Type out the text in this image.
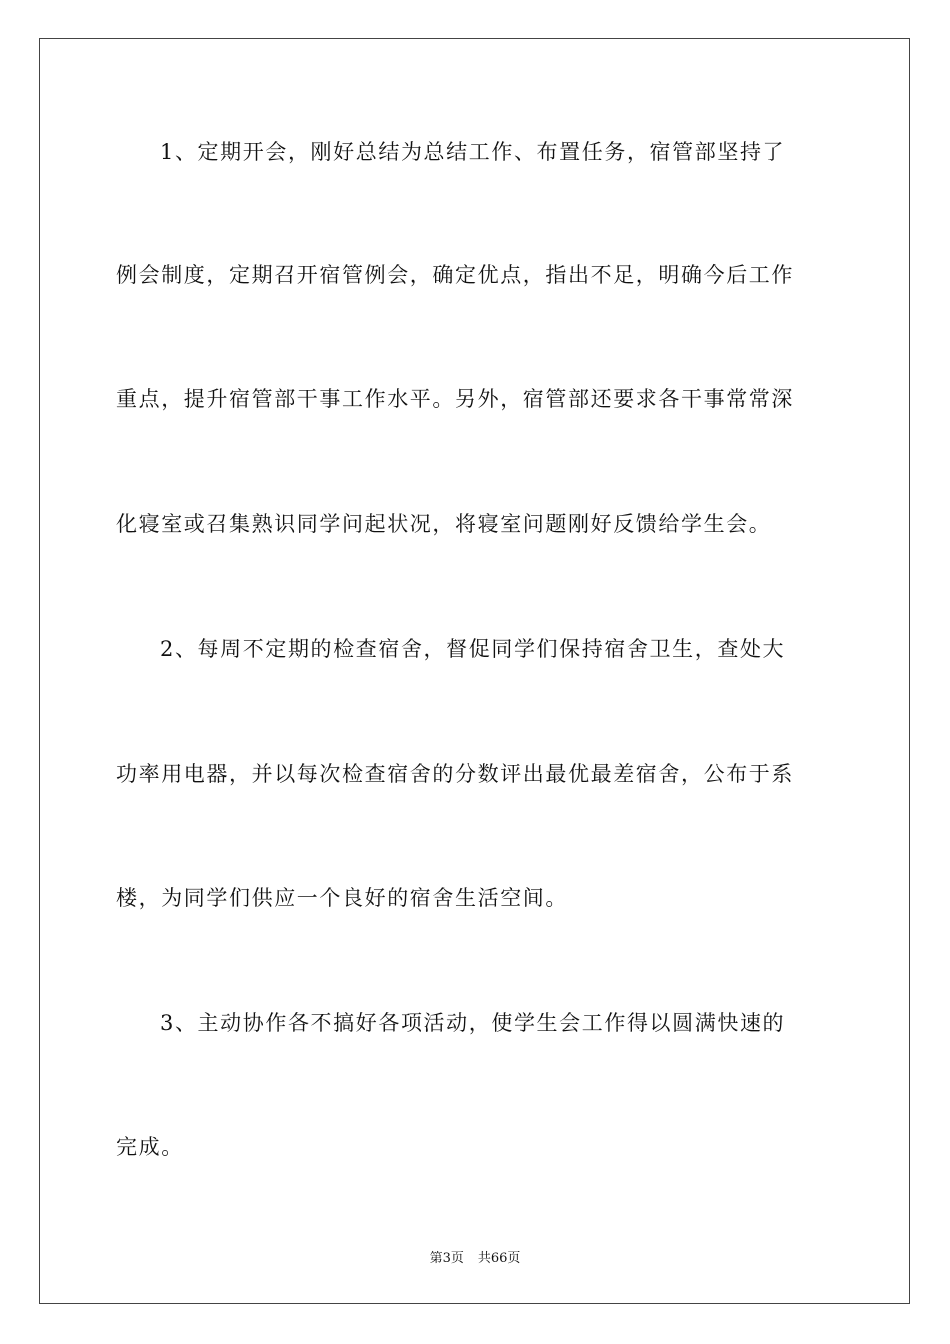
1、定期开会，刚好总结为总结工作、布置任务，宿管部坚持了
例会制度，定期召开宿管例会，确定优点，指出不足，明确今后工作
重点，提升宿管部干事工作水平。另外，宿管部还要求各干事常常深
化寝室或召集熟识同学问起状况，将寝室问题刚好反馈给学生会。
2、每周不定期的检查宿舍，督促同学们保持宿舍卫生，查处大
功率用电器，并以每次检查宿舍的分数评出最优最差宿舍，公布于系
楼，为同学们供应一个良好的宿舍生活空间。
3、主动协作各不搞好各项活动，使学生会工作得以圆满快速的
完成。
第3页 共66页
